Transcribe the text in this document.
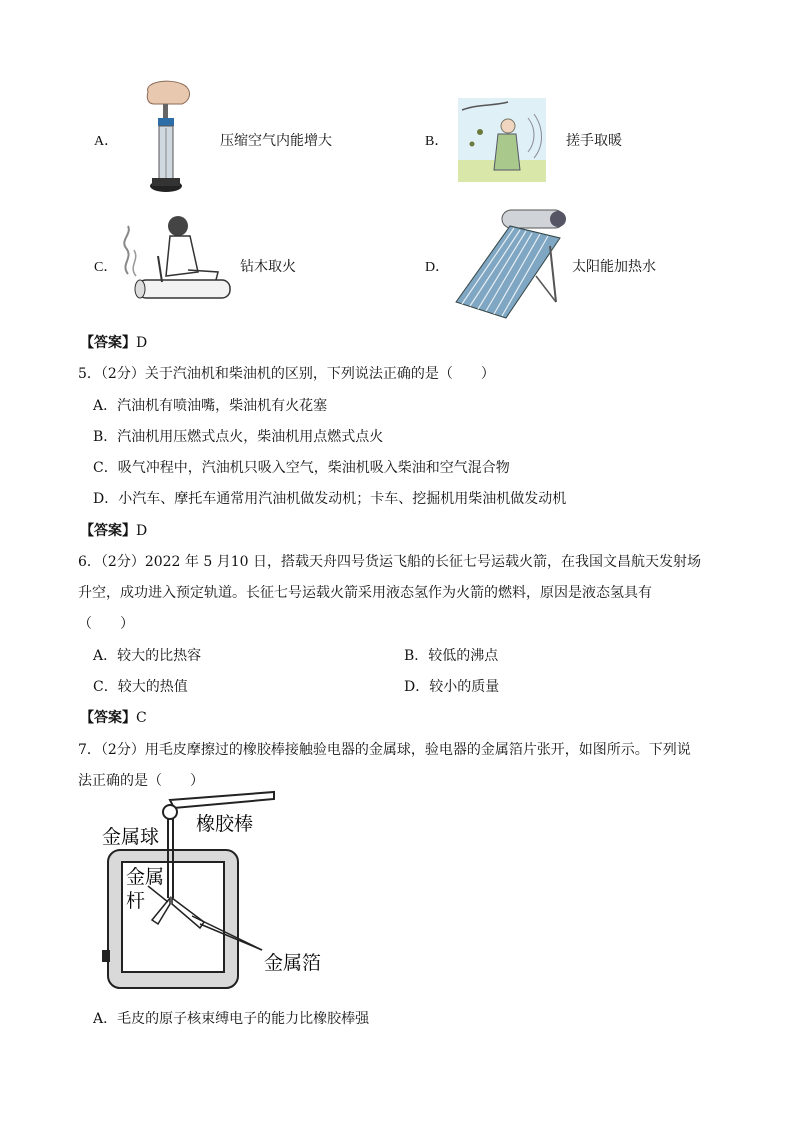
A．	压缩空气内能增大	B．	搓手取暖
C．	钻木取火	D．	太阳能加热水
【答案】D
5．（2分）关于汽油机和柴油机的区别，下列说法正确的是（　　）
A．汽油机有喷油嘴，柴油机有火花塞
B．汽油机用压燃式点火，柴油机用点燃式点火
C．吸气冲程中，汽油机只吸入空气，柴油机吸入柴油和空气混合物
D．小汽车、摩托车通常用汽油机做发动机；卡车、挖掘机用柴油机做发动机
【答案】D
6．（2分）2022 年 5 月10 日，搭载天舟四号货运飞船的长征七号运载火箭，在我国文昌航天发射场
升空，成功进入预定轨道。长征七号运载火箭采用液态氢作为火箭的燃料，原因是液态氢具有
（　　）
A．较大的比热容	B．较低的沸点
C．较大的热值	D．较小的质量
【答案】C
7．（2分）用毛皮摩擦过的橡胶棒接触验电器的金属球，验电器的金属箔片张开，如图所示。下列说
法正确的是（　　）
金属球
橡胶棒
金属
杆
金属箔
A．毛皮的原子核束缚电子的能力比橡胶棒强
